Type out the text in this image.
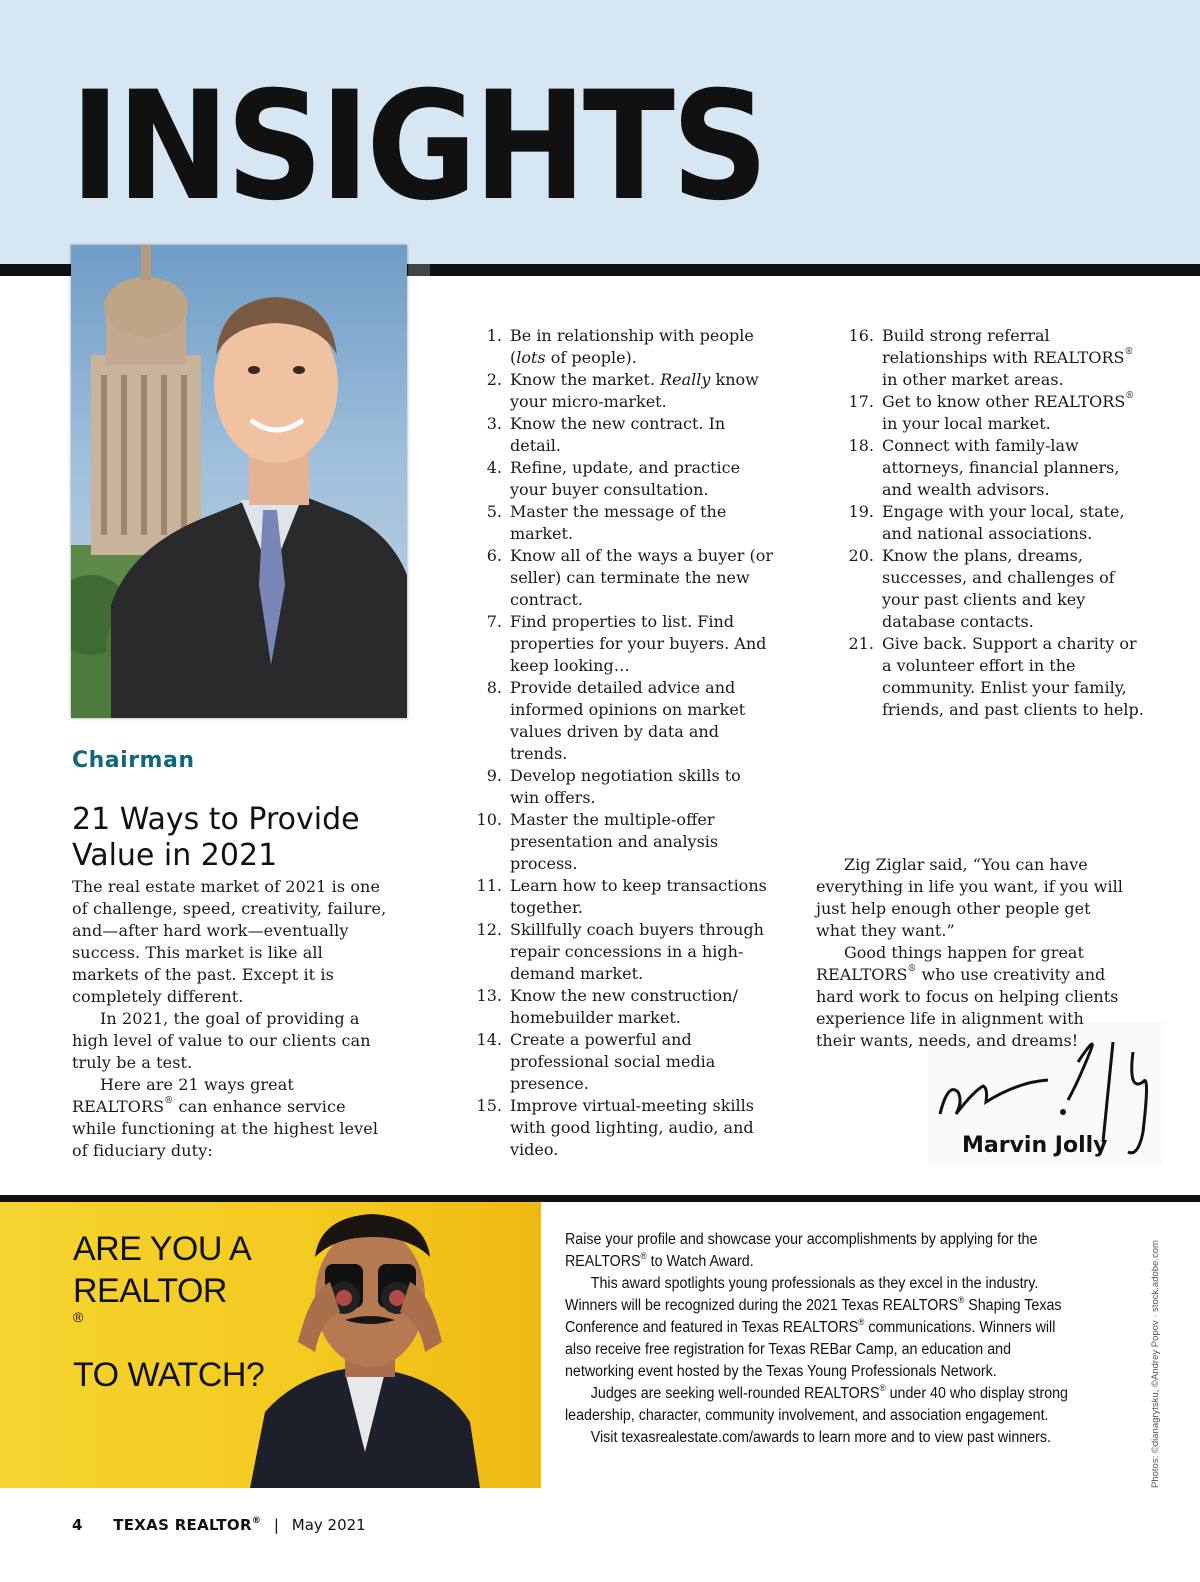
INSIGHTS
Chairman
21 Ways to Provide Value in 2021

The real estate market of 2021 is one of challenge, speed, creativity, failure, and—after hard work—eventually success. This market is like all markets of the past. Except it is completely different.

In 2021, the goal of providing a high level of value to our clients can truly be a test.

Here are 21 ways great REALTORS® can enhance service while functioning at the highest level of fiduciary duty:

1. Be in relationship with people (lots of people).
2. Know the market. Really know your micro-market.
3. Know the new contract. In detail.
4. Refine, update, and practice your buyer consultation.
5. Master the message of the market.
6. Know all of the ways a buyer (or seller) can terminate the new contract.
7. Find properties to list. Find properties for your buyers. And keep looking…
8. Provide detailed advice and informed opinions on market values driven by data and trends.
9. Develop negotiation skills to win offers.
10. Master the multiple-offer presentation and analysis process.
11. Learn how to keep transactions together.
12. Skillfully coach buyers through repair concessions in a high-demand market.
13. Know the new construction/ homebuilder market.
14. Create a powerful and professional social media presence.
15. Improve virtual-meeting skills with good lighting, audio, and video.
16. Build strong referral relationships with REALTORS® in other market areas.
17. Get to know other REALTORS® in your local market.
18. Connect with family-law attorneys, financial planners, and wealth advisors.
19. Engage with your local, state, and national associations.
20. Know the plans, dreams, successes, and challenges of your past clients and key database contacts.
21. Give back. Support a charity or a volunteer effort in the community. Enlist your family, friends, and past clients to help.

Zig Ziglar said, “You can have everything in life you want, if you will just help enough other people get what they want.”

Good things happen for great REALTORS® who use creativity and hard work to focus on helping clients experience life in alignment with their wants, needs, and dreams!

Marvin Jolly
ARE YOU A
REALTOR
®
TO WATCH?

Raise your profile and showcase your accomplishments by applying for the REALTORS® to Watch Award.

This award spotlights young professionals as they excel in the industry. Winners will be recognized during the 2021 Texas REALTORS® Shaping Texas Conference and featured in Texas REALTORS® communications. Winners will also receive free registration for Texas REBar Camp, an education and networking event hosted by the Texas Young Professionals Network.

Judges are seeking well-rounded REALTORS® under 40 who display strong leadership, character, community involvement, and association engagement.

Visit texasrealestate.com/awards to learn more and to view past winners.	Photos: ©dianagrytsku, ©Andrey Popov · stock.adobe.com
4 TEXAS REALTOR® | May 2021
